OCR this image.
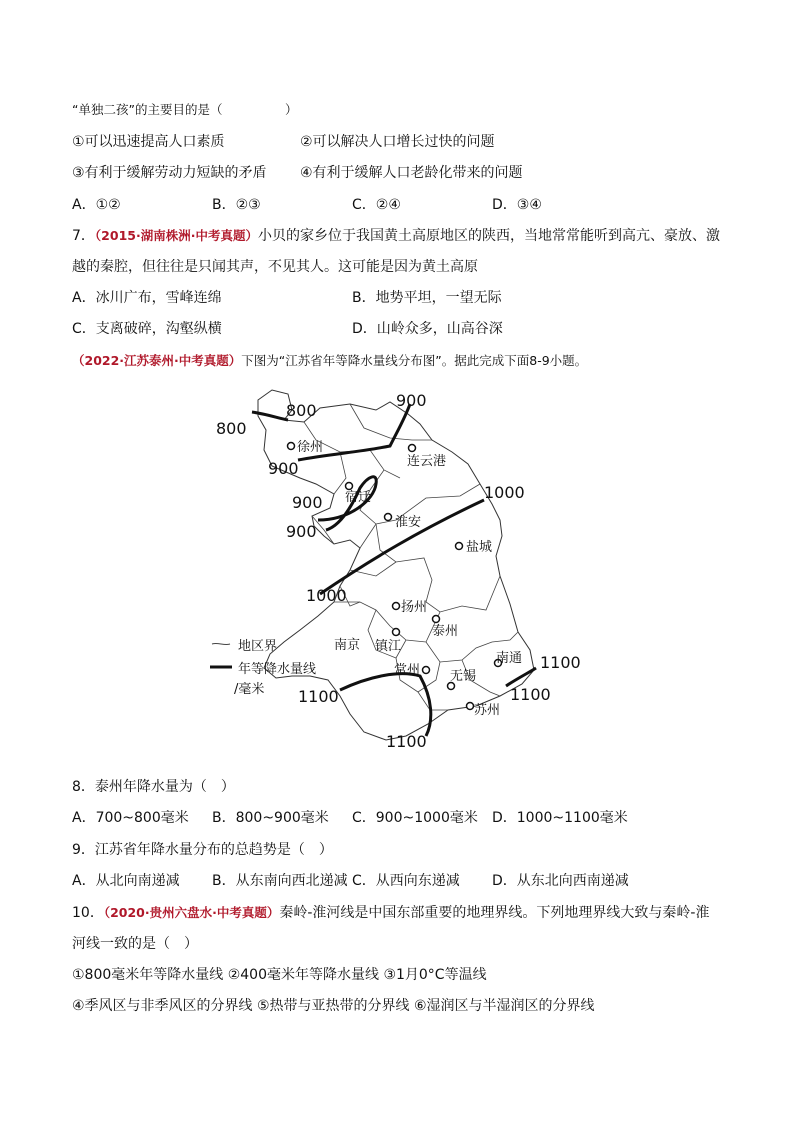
“单独二孩”的主要目的是（　　　　　）
①可以迅速提高人口素质	②可以解决人口增长过快的问题
③有利于缓解劳动力短缺的矛盾 ④有利于缓解人口老龄化带来的问题
A．①②	B．②③	C．②④	D．③④
7．（2015·湖南株洲·中考真题）小贝的家乡位于我国黄土高原地区的陕西，当地常常能听到高亢、豪放、激
越的秦腔，但往往是只闻其声，不见其人。这可能是因为黄土高原
A．冰川广布，雪峰连绵	B．地势平坦，一望无际
C．支离破碎，沟壑纵横	D．山岭众多，山高谷深
（2022·江苏泰州·中考真题）下图为“江苏省年等降水量线分布图”。据此完成下面8-9小题。
800
800
900
900
900
900
1000
1000
1100
1100
1100
1100
徐州
连云港
宿迁
淮安
盐城
扬州
泰州
南京 镇江
常州 无锡
南通
苏州
地区界
年等降水量线
/毫米
8．泰州年降水量为（　）
A．700~800毫米 B．800~900毫米 C．900~1000毫米 D．1000~1100毫米
9．江苏省年降水量分布的总趋势是（　）
A．从北向南递减 B．从东南向西北递减 C．从西向东递减 D．从东北向西南递减
10．（2020·贵州六盘水·中考真题）秦岭-淮河线是中国东部重要的地理界线。下列地理界线大致与秦岭-淮
河线一致的是（　）
①800毫米年等降水量线 ②400毫米年等降水量线 ③1月0°C等温线
④季风区与非季风区的分界线 ⑤热带与亚热带的分界线 ⑥湿润区与半湿润区的分界线
